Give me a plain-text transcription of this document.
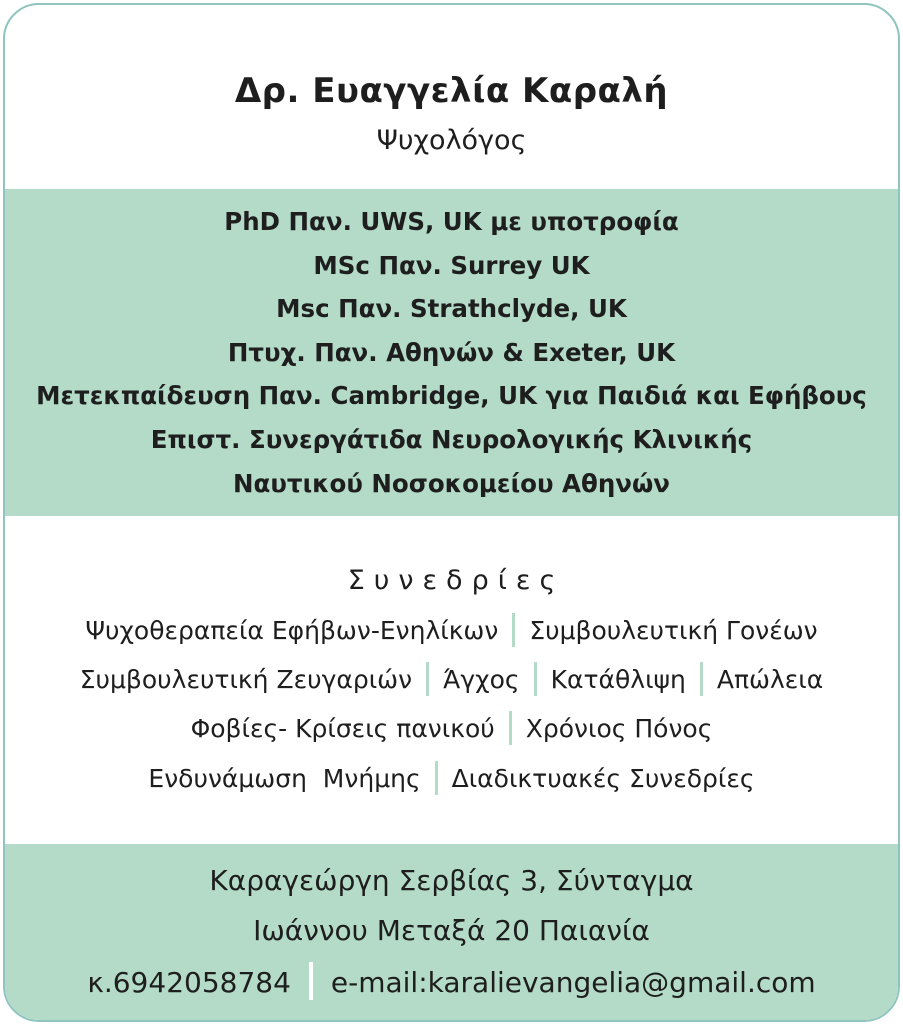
Δρ. Ευαγγελία Καραλή
Ψυχολόγος
PhD Παν. UWS, UK με υποτροφία
MSc Παν. Surrey UK
Msc Παν. Strathclyde, UK
Πτυχ. Παν. Αθηνών & Exeter, UK
Μετεκπαίδευση Παν. Cambridge, UK για Παιδιά και Εφήβους
Επιστ. Συνεργάτιδα Νευρολογικής Κλινικής
Ναυτικού Νοσοκομείου Αθηνών
Συνεδρίες
Ψυχοθεραπεία Εφήβων-Ενηλίκων Συμβουλευτική Γονέων
Συμβουλευτική Ζευγαριών Άγχος Κατάθλιψη Απώλεια
Φοβίες- Κρίσεις πανικού Χρόνιος Πόνος
Ενδυνάμωση  Μνήμης Διαδικτυακές Συνεδρίες
Καραγεώργη Σερβίας 3, Σύνταγμα
Ιωάννου Μεταξά 20 Παιανία
κ.6942058784 e-mail:karalievangelia@gmail.com
